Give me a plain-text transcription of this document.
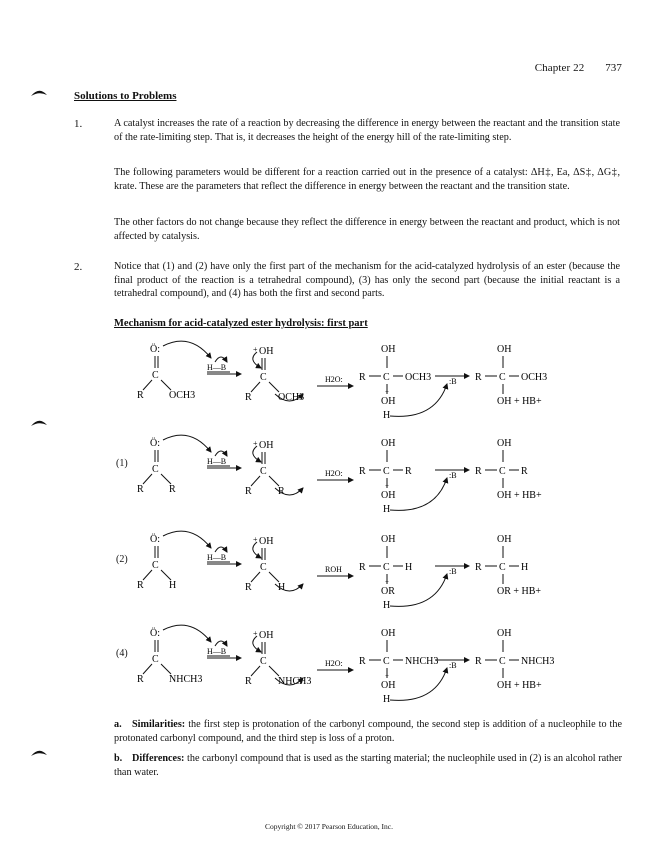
Chapter 22 737
Solutions to Problems
1.	A catalyst increases the rate of a reaction by decreasing the difference in energy between the reactant and the transition state of the rate-limiting step. That is, it decreases the height of the energy hill of the rate-limiting step.
The following parameters would be different for a reaction carried out in the presence of a catalyst: ΔH‡, Ea, ΔS‡, ΔG‡, krate. These are the parameters that reflect the difference in energy between the reactant and the transition state.
The other factors do not change because they reflect the difference in energy between the reactant and product, which is not affected by catalysis.
2.	Notice that (1) and (2) have only the first part of the mechanism for the acid-catalyzed hydrolysis of an ester (because the final product of the reaction is a tetrahedral compound), (3) has only the second part (because the initial reactant is a tetrahedral compound), and (4) has both the first and second parts.
Mechanism for acid-catalyzed ester hydrolysis: first part
Ö:
C
R	OCH3
H—B
+ OH
C
R	OCH3
H2O:
OH
R C OCH3
+
OH
H
:B
OH
R C OCH3
OH + HB+
(1)
Ö:
C
R	R
H—B
+ OH
C
R	R
H2O:
OH
R C R
+
OH
H
:B
OH
R C R
OH + HB+
(2)
Ö:
C
R	H
H—B
+ OH
C
R	H
ROH
OH
R C H
+
OR
H
:B
OH
R C H
OR + HB+
(4)
Ö:
C
R	NHCH3
H—B
+ OH
C
R	NHCH3
H2O:
OH
R C NHCH3
+
OH
H
:B
OH
R C NHCH3
OH + HB+
a. Similarities: the first step is protonation of the carbonyl compound, the second step is addition of a nucleophile to the protonated carbonyl compound, and the third step is loss of a proton.
b. Differences: the carbonyl compound that is used as the starting material; the nucleophile used in (2) is an alcohol rather than water.
Copyright © 2017 Pearson Education, Inc.
